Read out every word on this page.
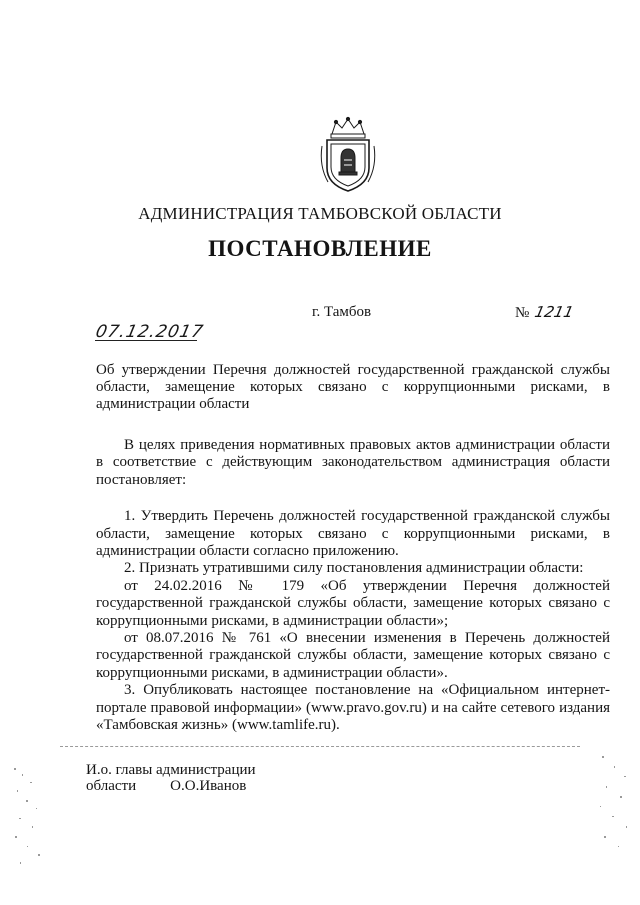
АДМИНИСТРАЦИЯ ТАМБОВСКОЙ ОБЛАСТИ
ПОСТАНОВЛЕНИЕ
07.12.2017
г. Тамбов	№ 1211
Об утверждении Перечня должностей государственной гражданской службы области, замещение которых связано с коррупционными рисками, в администрации области

В целях приведения нормативных правовых актов администрации области в соответствие с действующим законодательством администрация области постановляет:

1. Утвердить Перечень должностей государственной гражданской службы области, замещение которых связано с коррупционными рисками, в администрации области согласно приложению.

2. Признать утратившими силу постановления администрации области:

от 24.02.2016 № 179 «Об утверждении Перечня должностей государственной гражданской службы области, замещение которых связано с коррупционными рисками, в администрации области»;

от 08.07.2016 № 761 «О внесении изменения в Перечень должностей государственной гражданской службы области, замещение которых связано с коррупционными рисками, в администрации области».

3. Опубликовать настоящее постановление на «Официальном интернет-портале правовой информации» (www.pravo.gov.ru) и на сайте сетевого издания «Тамбовская жизнь» (www.tamlife.ru).

И.о. главы администрации
области О.О.Иванов
